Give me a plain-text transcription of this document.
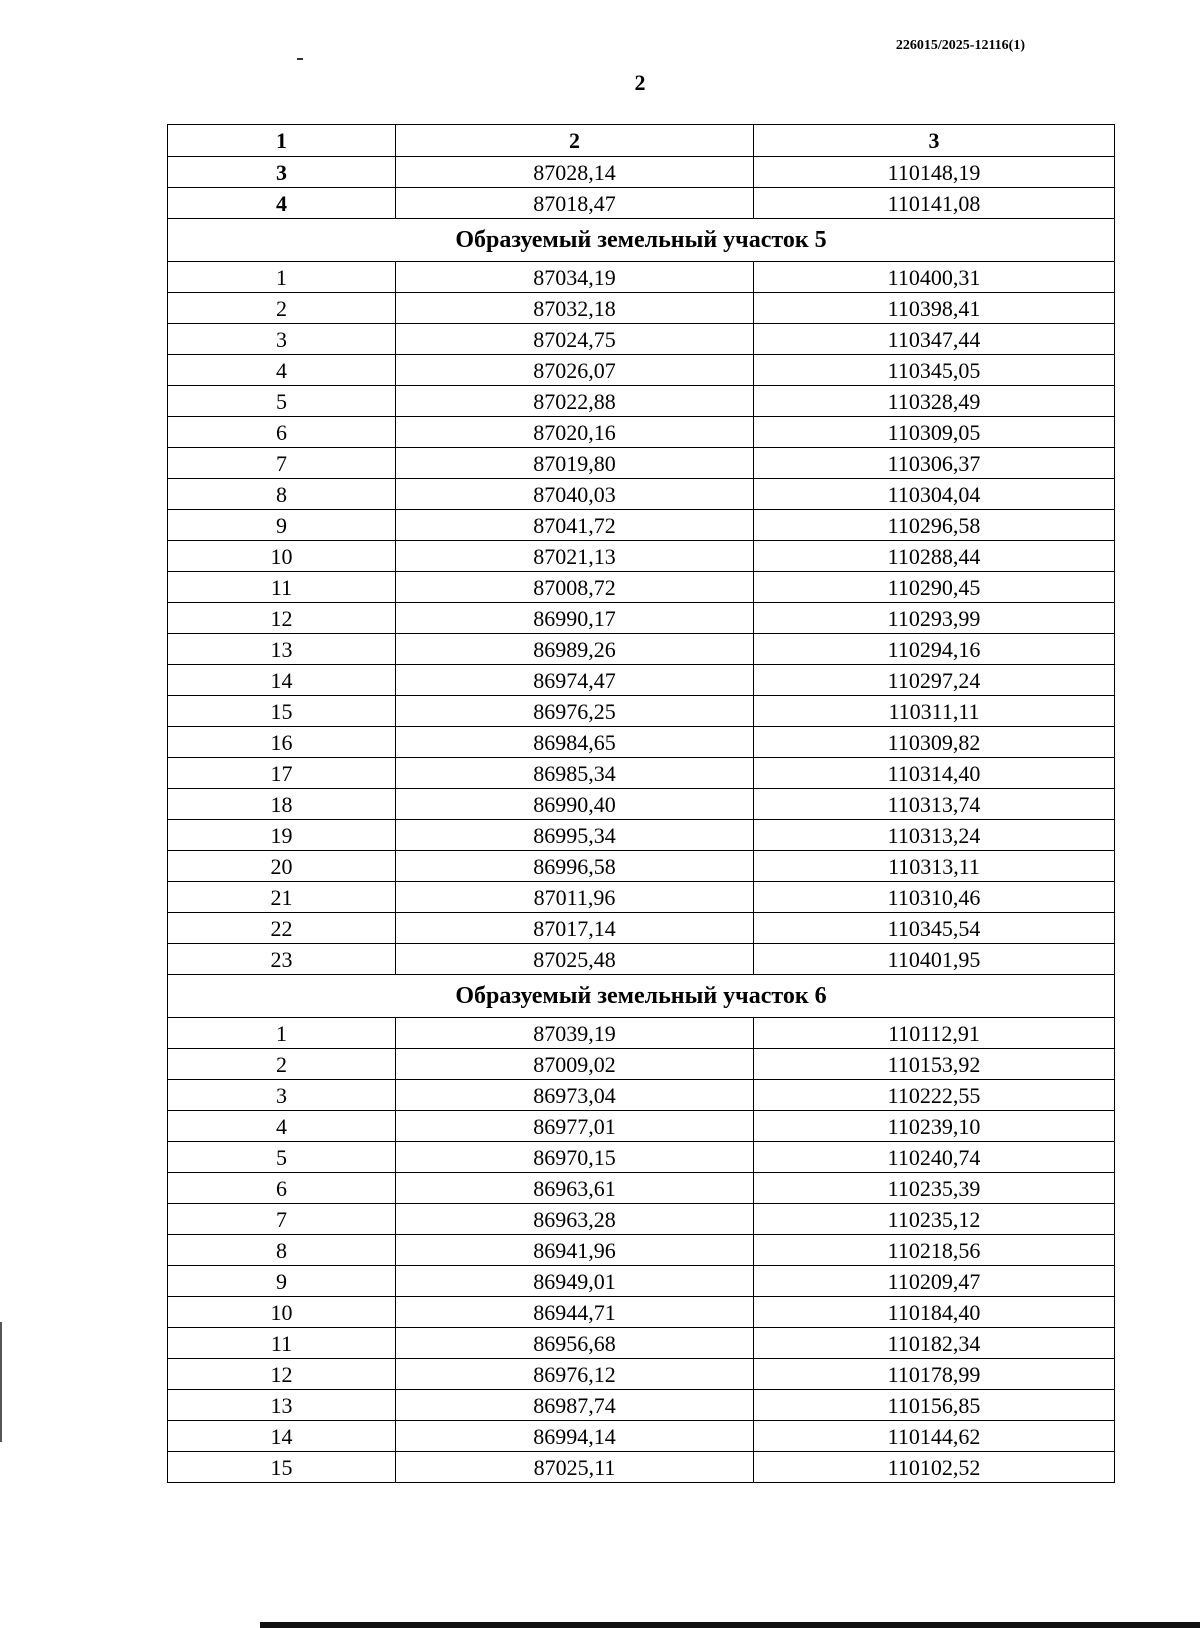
226015/2025-12116(1)
2
1	2	3
3	87028,14	110148,19
4	87018,47	110141,08
Образуемый земельный участок 5		
1	87034,19	110400,31
2	87032,18	110398,41
3	87024,75	110347,44
4	87026,07	110345,05
5	87022,88	110328,49
6	87020,16	110309,05
7	87019,80	110306,37
8	87040,03	110304,04
9	87041,72	110296,58
10	87021,13	110288,44
11	87008,72	110290,45
12	86990,17	110293,99
13	86989,26	110294,16
14	86974,47	110297,24
15	86976,25	110311,11
16	86984,65	110309,82
17	86985,34	110314,40
18	86990,40	110313,74
19	86995,34	110313,24
20	86996,58	110313,11
21	87011,96	110310,46
22	87017,14	110345,54
23	87025,48	110401,95
Образуемый земельный участок 6		
1	87039,19	110112,91
2	87009,02	110153,92
3	86973,04	110222,55
4	86977,01	110239,10
5	86970,15	110240,74
6	86963,61	110235,39
7	86963,28	110235,12
8	86941,96	110218,56
9	86949,01	110209,47
10	86944,71	110184,40
11	86956,68	110182,34
12	86976,12	110178,99
13	86987,74	110156,85
14	86994,14	110144,62
15	87025,11	110102,52
